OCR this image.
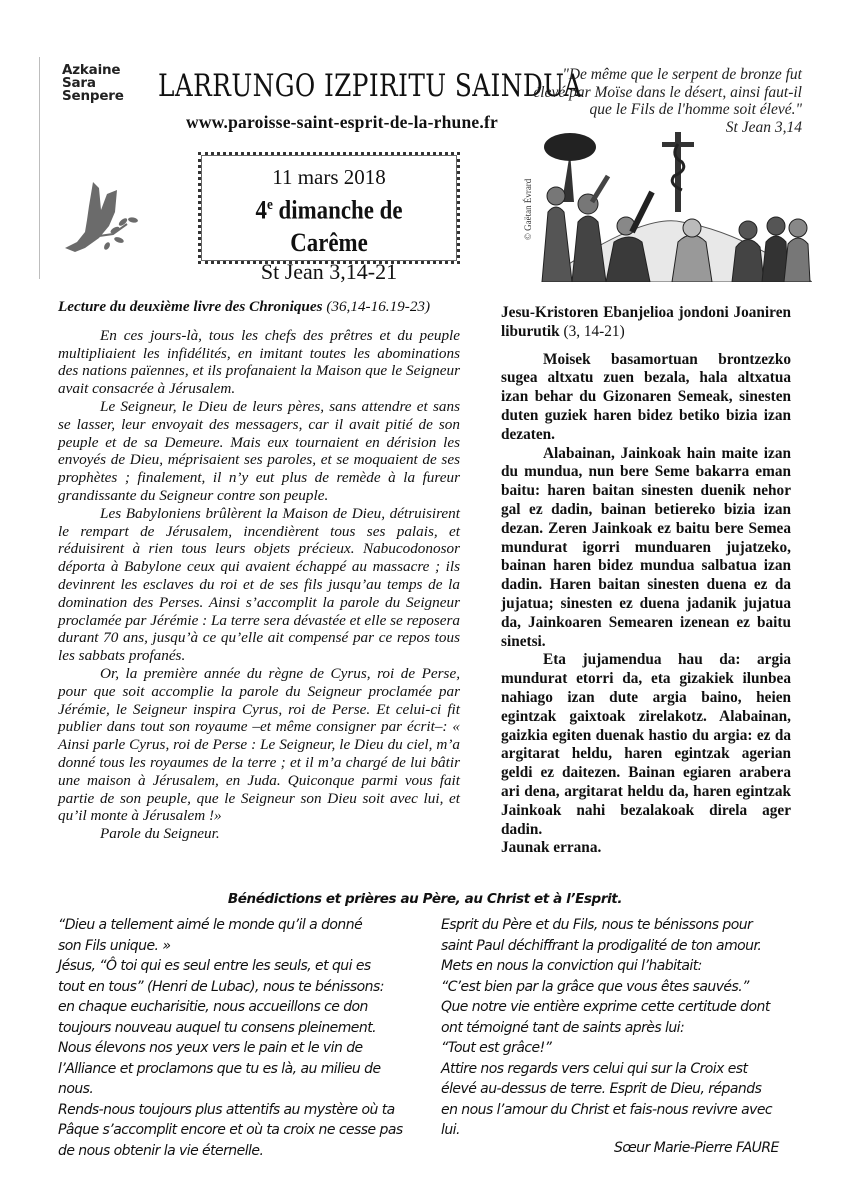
Azkaine
Sara
Senpere LARRUNGO IZPIRITU SAINDUA
www.paroisse-saint-esprit-de-la-rhune.fr
"De même que le serpent de bronze fut
élevé par Moïse dans le désert, ainsi faut-il
que le Fils de l'homme soit élevé."
St Jean 3,14
11 mars 2018
4e dimanche de Carême
St Jean 3,14-21
© Gaëtan Évrard
Lecture du deuxième livre des Chroniques (36,14-16.19-23)

En ces jours-là, tous les chefs des prêtres et du peuple multipliaient les infidélités, en imitant toutes les abominations des nations païennes, et ils profanaient la Maison que le Seigneur avait consacrée à Jérusalem.

Le Seigneur, le Dieu de leurs pères, sans attendre et sans se lasser, leur envoyait des messagers, car il avait pitié de son peuple et de sa Demeure. Mais eux tournaient en dérision les envoyés de Dieu, méprisaient ses paroles, et se moquaient de ses prophètes ; finalement, il n’y eut plus de remède à la fureur grandissante du Seigneur contre son peuple.

Les Babyloniens brûlèrent la Maison de Dieu, détruisirent le rempart de Jérusalem, incendièrent tous ses palais, et réduisirent à rien tous leurs objets précieux. Nabucodonosor déporta à Babylone ceux qui avaient échappé au massacre ; ils devinrent les esclaves du roi et de ses fils jusqu’au temps de la domination des Perses. Ainsi s’accomplit la parole du Seigneur proclamée par Jérémie : La terre sera dévastée et elle se reposera durant 70 ans, jusqu’à ce qu’elle ait compensé par ce repos tous les sabbats profanés.

Or, la première année du règne de Cyrus, roi de Perse, pour que soit accomplie la parole du Seigneur proclamée par Jérémie, le Seigneur inspira Cyrus, roi de Perse. Et celui-ci fit publier dans tout son royaume –et même consigner par écrit–: « Ainsi parle Cyrus, roi de Perse : Le Seigneur, le Dieu du ciel, m’a donné tous les royaumes de la terre ; et il m’a chargé de lui bâtir une maison à Jérusalem, en Juda. Quiconque parmi vous fait partie de son peuple, que le Seigneur son Dieu soit avec lui, et qu’il monte à Jérusalem !»

Parole du Seigneur.

Jesu-Kristoren Ebanjelioa jondoni Joaniren liburutik (3, 14-21)

Moisek basamortuan brontzezko sugea altxatu zuen bezala, hala altxatua izan behar du Gizonaren Semeak, sinesten duten guziek haren bidez betiko bizia izan dezaten.

Alabainan, Jainkoak hain maite izan du mundua, nun bere Seme bakarra eman baitu: haren baitan sinesten duenik nehor gal ez dadin, bainan betiereko bizia izan dezan. Zeren Jainkoak ez baitu bere Semea mundurat igorri munduaren jujatzeko, bainan haren bidez mundua salbatua izan dadin. Haren baitan sinesten duena ez da jujatua; sinesten ez duena jadanik jujatua da, Jainkoaren Semearen izenean ez baitu sinetsi.

Eta jujamendua hau da: argia mundurat etorri da, eta gizakiek ilunbea nahiago izan dute argia baino, heien egintzak gaixtoak zirelakotz. Alabainan, gaizkia egiten duenak hastio du argia: ez da argitarat heldu, haren egintzak agerian geldi ez daitezen. Bainan egiaren arabera ari dena, argitarat heldu da, haren egintzak Jainkoak nahi bezalakoak direla ager dadin.

Jaunak errana.

Bénédictions et prières au Père, au Christ et à l’Esprit.
“Dieu a tellement aimé le monde qu’il a donné
son Fils unique. »
Jésus, “Ô toi qui es seul entre les seuls, et qui es
tout en tous” (Henri de Lubac), nous te bénissons:
en chaque eucharisitie, nous accueillons ce don
toujours nouveau auquel tu consens pleinement.
Nous élevons nos yeux vers le pain et le vin de
l’Alliance et proclamons que tu es là, au milieu de
nous.
Rends-nous toujours plus attentifs au mystère où ta
Pâque s’accomplit encore et où ta croix ne cesse pas
de nous obtenir la vie éternelle.
Esprit du Père et du Fils, nous te bénissons pour
saint Paul déchiffrant la prodigalité de ton amour.
Mets en nous la conviction qui l’habitait:
“C’est bien par la grâce que vous êtes sauvés.”
Que notre vie entière exprime cette certitude dont
ont témoigné tant de saints après lui:
“Tout est grâce!”
Attire nos regards vers celui qui sur la Croix est
élevé au-dessus de terre. Esprit de Dieu, répands
en nous l’amour du Christ et fais-nous revivre avec
lui.
Sœur Marie-Pierre FAURE
